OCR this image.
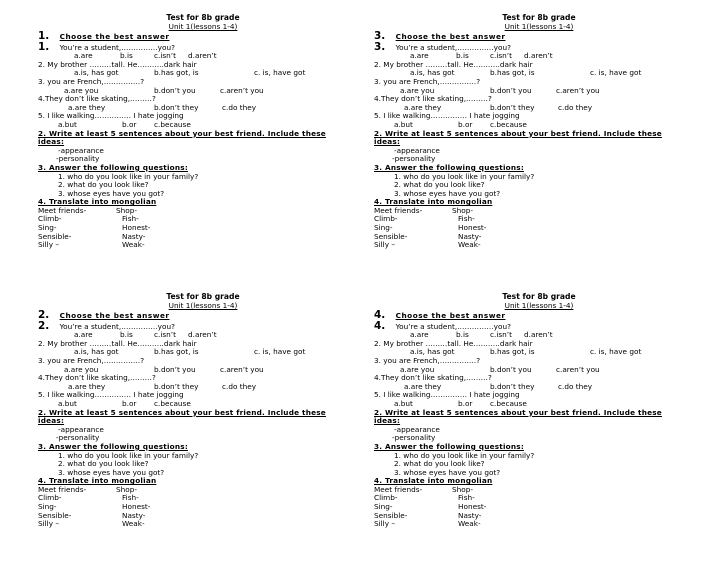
Test for 8b grade
Unit 1(lessons 1-4)
1. Choose the best answer
1. You’re a student,……………you?
a.are	b.is	c.isn’t d.aren’t
2. My brother ………tall. He………..dark hair
a.is, has got	b.has got, is	c. is, have got
3. you are French,……………?
a.are you	b.don’t you	c.aren’t you
4.They don’t like skating,………?
a.are they	b.don’t they	c.do they
5. I like walking…………… I hate jogging
a.but	b.or c.because
2. Write at least 5 sentences about your best friend. Include these
ideas:
-appearance
-personality
3. Answer the following questions:
1. who do you look like in your family?
2. what do you look like?
3. whose eyes have you got?
4. Translate into mongolian
Meet friends-	Shop-
Climb-	Fish-
Sing-	Honest-
Sensible-	Nasty-
Silly –	Weak-
Test for 8b grade
Unit 1(lessons 1-4)
3. Choose the best answer
3. You’re a student,……………you?
a.are	b.is	c.isn’t d.aren’t
2. My brother ………tall. He………..dark hair
a.is, has got	b.has got, is	c. is, have got
3. you are French,……………?
a.are you	b.don’t you	c.aren’t you
4.They don’t like skating,………?
a.are they	b.don’t they	c.do they
5. I like walking…………… I hate jogging
a.but	b.or c.because
2. Write at least 5 sentences about your best friend. Include these
ideas:
-appearance
-personality
3. Answer the following questions:
1. who do you look like in your family?
2. what do you look like?
3. whose eyes have you got?
4. Translate into mongolian
Meet friends-	Shop-
Climb-	Fish-
Sing-	Honest-
Sensible-	Nasty-
Silly –	Weak-
Test for 8b grade
Unit 1(lessons 1-4)
2. Choose the best answer
2. You’re a student,……………you?
a.are	b.is	c.isn’t d.aren’t
2. My brother ………tall. He………..dark hair
a.is, has got	b.has got, is	c. is, have got
3. you are French,……………?
a.are you	b.don’t you	c.aren’t you
4.They don’t like skating,………?
a.are they	b.don’t they	c.do they
5. I like walking…………… I hate jogging
a.but	b.or c.because
2. Write at least 5 sentences about your best friend. Include these
ideas:
-appearance
-personality
3. Answer the following questions:
1. who do you look like in your family?
2. what do you look like?
3. whose eyes have you got?
4. Translate into mongolian
Meet friends-	Shop-
Climb-	Fish-
Sing-	Honest-
Sensible-	Nasty-
Silly –	Weak-
Test for 8b grade
Unit 1(lessons 1-4)
4. Choose the best answer
4. You’re a student,……………you?
a.are	b.is	c.isn’t d.aren’t
2. My brother ………tall. He………..dark hair
a.is, has got	b.has got, is	c. is, have got
3. you are French,……………?
a.are you	b.don’t you	c.aren’t you
4.They don’t like skating,………?
a.are they	b.don’t they	c.do they
5. I like walking…………… I hate jogging
a.but	b.or c.because
2. Write at least 5 sentences about your best friend. Include these
ideas:
-appearance
-personality
3. Answer the following questions:
1. who do you look like in your family?
2. what do you look like?
3. whose eyes have you got?
4. Translate into mongolian
Meet friends-	Shop-
Climb-	Fish-
Sing-	Honest-
Sensible-	Nasty-
Silly –	Weak-
